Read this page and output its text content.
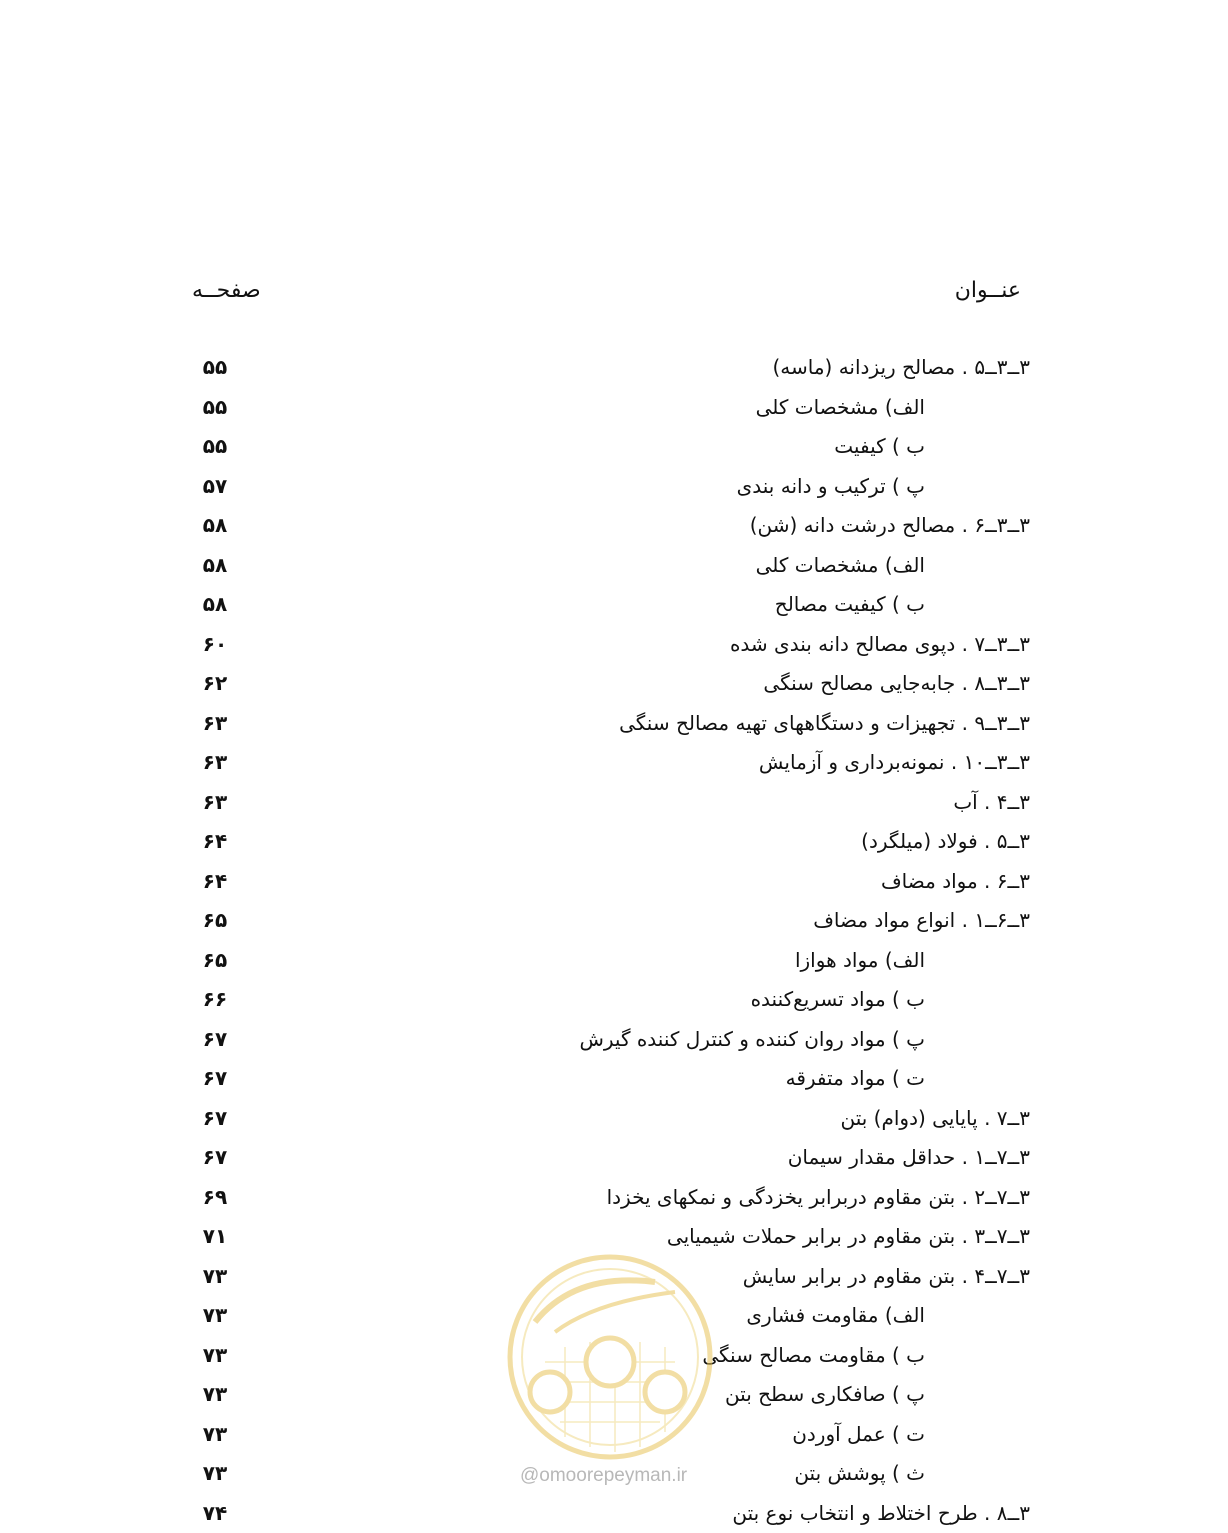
عنــوان
صفحــه
۳ــ۳ــ۵ . مصالح ریزدانه (ماسه)
۵۵
الف) مشخصات کلی
۵۵
ب ) کیفیت
۵۵
پ ) ترکیب و دانه بندی
۵۷
۳ــ۳ــ۶ . مصالح درشت دانه (شن)
۵۸
الف) مشخصات کلی
۵۸
ب ) کیفیت مصالح
۵۸
۳ــ۳ــ۷ . دپوی مصالح دانه بندی شده
۶۰
۳ــ۳ــ۸ . جابه‌جایی مصالح سنگی
۶۲
۳ــ۳ــ۹ . تجهیزات و دستگاههای تهیه مصالح سنگی
۶۳
۳ــ۳ــ۱۰ . نمونه‌برداری و آزمایش
۶۳
۳ــ۴ . آب
۶۳
۳ــ۵ . فولاد (میلگرد)
۶۴
۳ــ۶ . مواد مضاف
۶۴
۳ــ۶ــ۱ . انواع مواد مضاف
۶۵
الف) مواد هوازا
۶۵
ب ) مواد تسریع‌کننده
۶۶
پ ) مواد روان کننده و کنترل کننده گیرش
۶۷
ت ) مواد متفرقه
۶۷
۳ــ۷ . پایایی (دوام) بتن
۶۷
۳ــ۷ــ۱ . حداقل مقدار سیمان
۶۷
۳ــ۷ــ۲ . بتن مقاوم دربرابر یخزدگی و نمکهای یخزدا
۶۹
۳ــ۷ــ۳ . بتن مقاوم در برابر حملات شیمیایی
۷۱
۳ــ۷ــ۴ . بتن مقاوم در برابر سایش
۷۳
الف) مقاومت فشاری
۷۳
ب ) مقاومت مصالح سنگی
۷۳
پ ) صافکاری سطح بتن
۷۳
ت ) عمل آوردن
۷۳
ث ) پوشش بتن
۷۳
۳ــ۸ . طرح اختلاط و انتخاب نوع بتن
۷۴
@omoorepeyman.ir
